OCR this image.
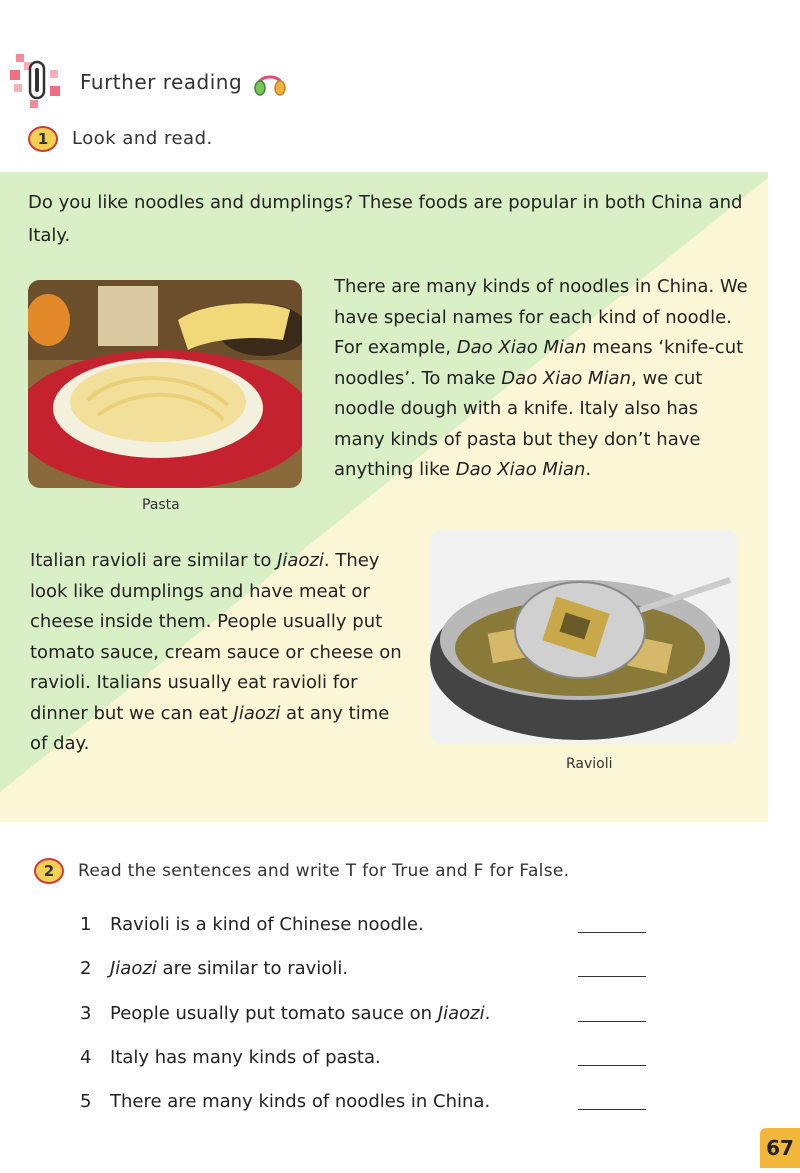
Further reading
1 Look and read.
Do you like noodles and dumplings? These foods are popular in both China and Italy.
Pasta
There are many kinds of noodles in China. We have special names for each kind of noodle. For example, Dao Xiao Mian means ‘knife-cut noodles’. To make Dao Xiao Mian, we cut noodle dough with a knife. Italy also has many kinds of pasta but they don’t have anything like Dao Xiao Mian.
Italian ravioli are similar to Jiaozi. They look like dumplings and have meat or cheese inside them. People usually put tomato sauce, cream sauce or cheese on ravioli. Italians usually eat ravioli for dinner but we can eat Jiaozi at any time of day.
Ravioli
2 Read the sentences and write T for True and F for False.
1 Ravioli is a kind of Chinese noodle.
2 Jiaozi are similar to ravioli.
3 People usually put tomato sauce on Jiaozi.
4 Italy has many kinds of pasta.
5 There are many kinds of noodles in China.
67
